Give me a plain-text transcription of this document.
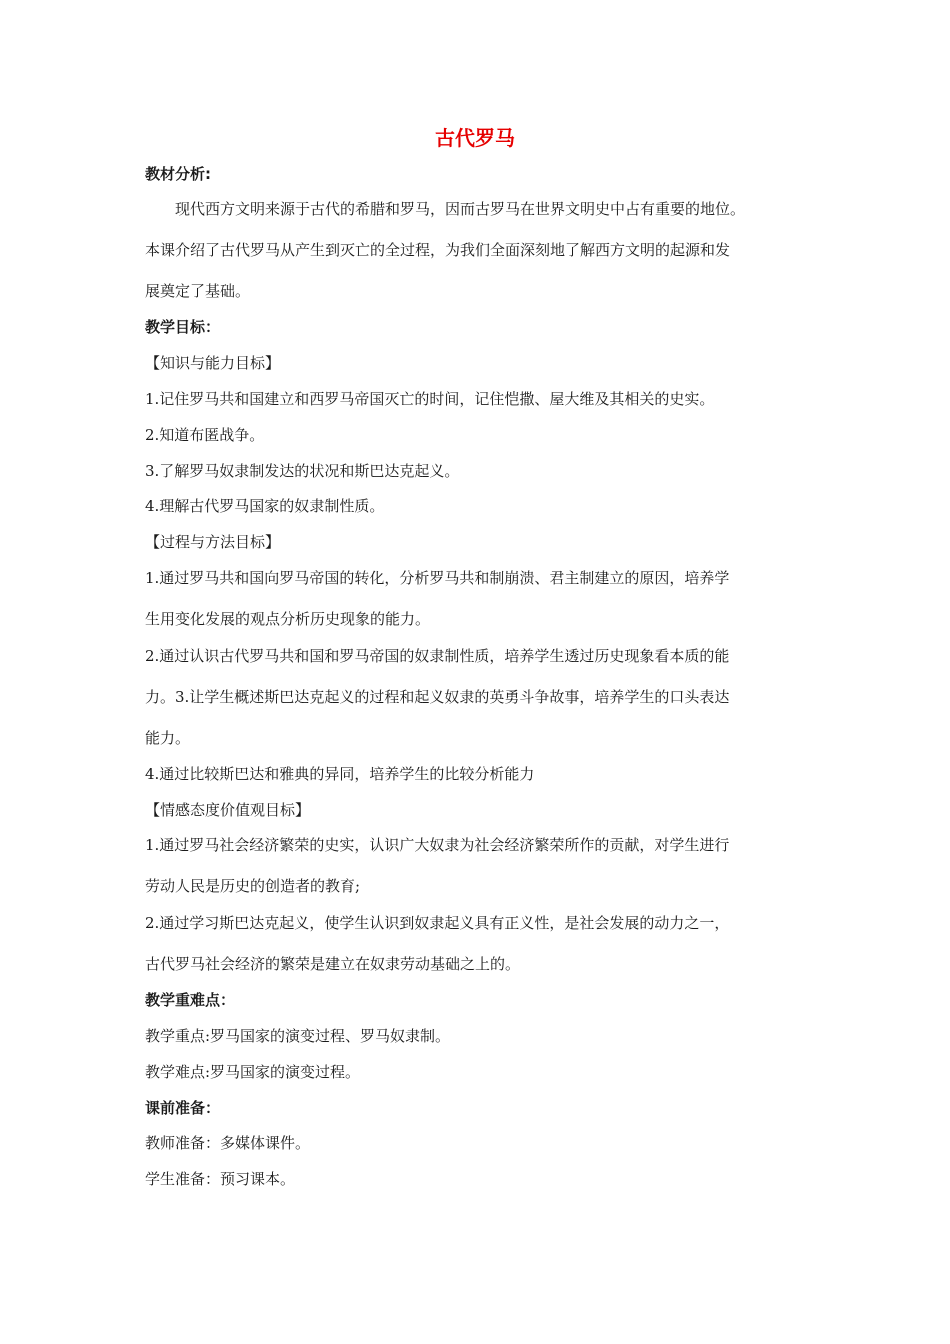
古代罗马
教材分析:
现代西方文明来源于古代的希腊和罗马，因而古罗马在世界文明史中占有重要的地位。
本课介绍了古代罗马从产生到灭亡的全过程，为我们全面深刻地了解西方文明的起源和发
展奠定了基础。
教学目标：
【知识与能力目标】
1.记住罗马共和国建立和西罗马帝国灭亡的时间，记住恺撒、屋大维及其相关的史实。
2.知道布匿战争。
3.了解罗马奴隶制发达的状况和斯巴达克起义。
4.理解古代罗马国家的奴隶制性质。
【过程与方法目标】
1.通过罗马共和国向罗马帝国的转化，分析罗马共和制崩溃、君主制建立的原因，培养学
生用变化发展的观点分析历史现象的能力。
2.通过认识古代罗马共和国和罗马帝国的奴隶制性质，培养学生透过历史现象看本质的能
力。3.让学生概述斯巴达克起义的过程和起义奴隶的英勇斗争故事，培养学生的口头表达
能力。
4.通过比较斯巴达和雅典的异同，培养学生的比较分析能力
【情感态度价值观目标】
1.通过罗马社会经济繁荣的史实，认识广大奴隶为社会经济繁荣所作的贡献，对学生进行
劳动人民是历史的创造者的教育;
2.通过学习斯巴达克起义，使学生认识到奴隶起义具有正义性，是社会发展的动力之一，
古代罗马社会经济的繁荣是建立在奴隶劳动基础之上的。
教学重难点：
教学重点:罗马国家的演变过程、罗马奴隶制。
教学难点:罗马国家的演变过程。
课前准备：
教师准备：多媒体课件。
学生准备：预习课本。
